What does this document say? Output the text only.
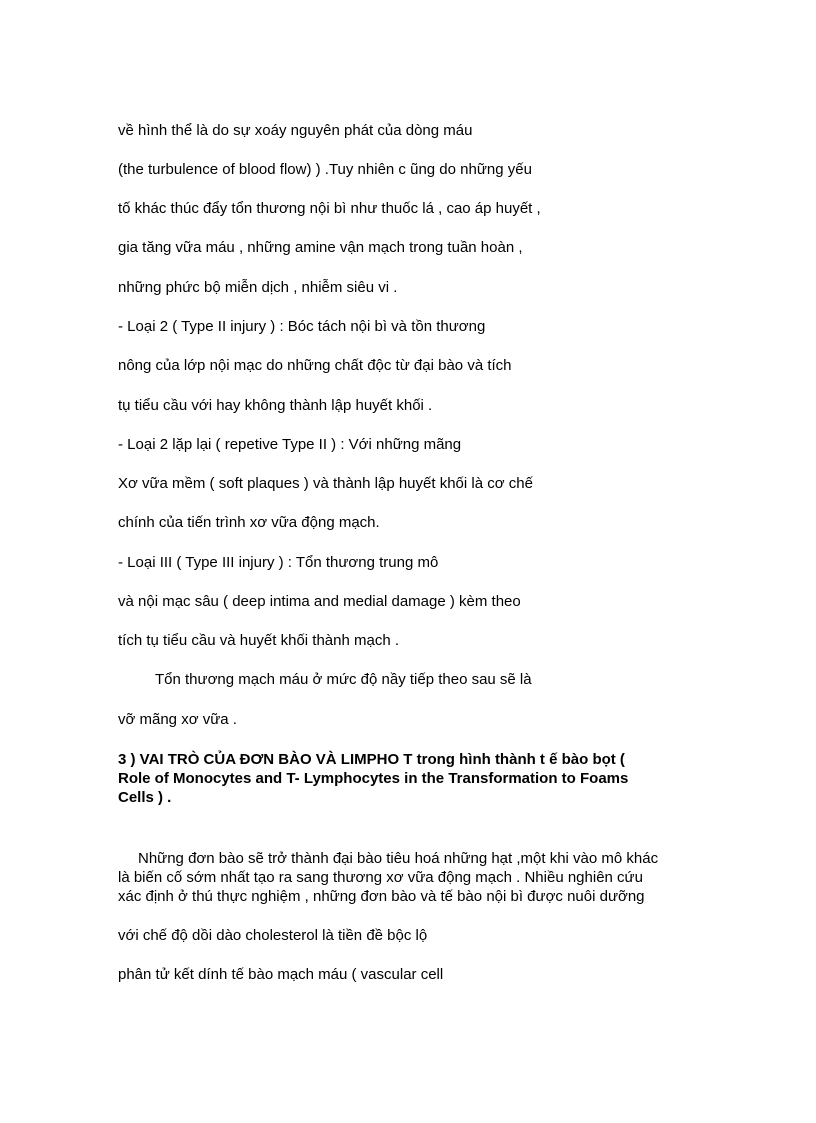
về hình thể là do sự xoáy nguyên phát của dòng máu
(the turbulence of blood flow) ) .Tuy nhiên c ũng do những yếu
tố khác thúc đẩy tổn thương nội bì như thuốc lá , cao áp huyết ,
gia tăng vữa máu , những amine vận mạch trong tuần hoàn ,
những phức bộ miễn dịch , nhiễm siêu vi .
- Loại 2 ( Type II injury ) : Bóc tách nội bì và tồn thương
nông của lớp nội mạc do những chất độc từ đại bào và tích
tụ tiểu cầu với hay không thành lập huyết khối .
- Loại 2 lặp lại ( repetive Type II ) : Với những mãng
Xơ vữa mềm ( soft plaques ) và thành lập huyết khối là cơ chế
chính của tiến trình xơ vữa động mạch.
- Loại III ( Type III injury ) : Tổn thương trung mô
và nội mạc sâu ( deep intima and medial damage ) kèm theo
tích tụ tiểu cầu và huyết khối thành mạch .
Tổn thương mạch máu ở mức độ nầy tiếp theo sau sẽ là
vỡ mãng xơ vữa .
3 ) VAI TRÒ CỦA ĐƠN BÀO VÀ LIMPHO T trong hình thành t ế bào bọt (
Role of Monocytes and T- Lymphocytes in the Transformation to Foams
Cells ) .

Những đơn bào sẽ trở thành đại bào tiêu hoá những hạt ,một khi vào mô khác
là biến cố sớm nhất tạo ra sang thương xơ vữa động mạch . Nhiều nghiên cứu
xác định ở thú thực nghiệm , những đơn bào và tế bào nội bì được nuôi dưỡng

với chế độ dồi dào cholesterol là tiền đề bộc lộ
phân tử kết dính tế bào mạch máu ( vascular cell
